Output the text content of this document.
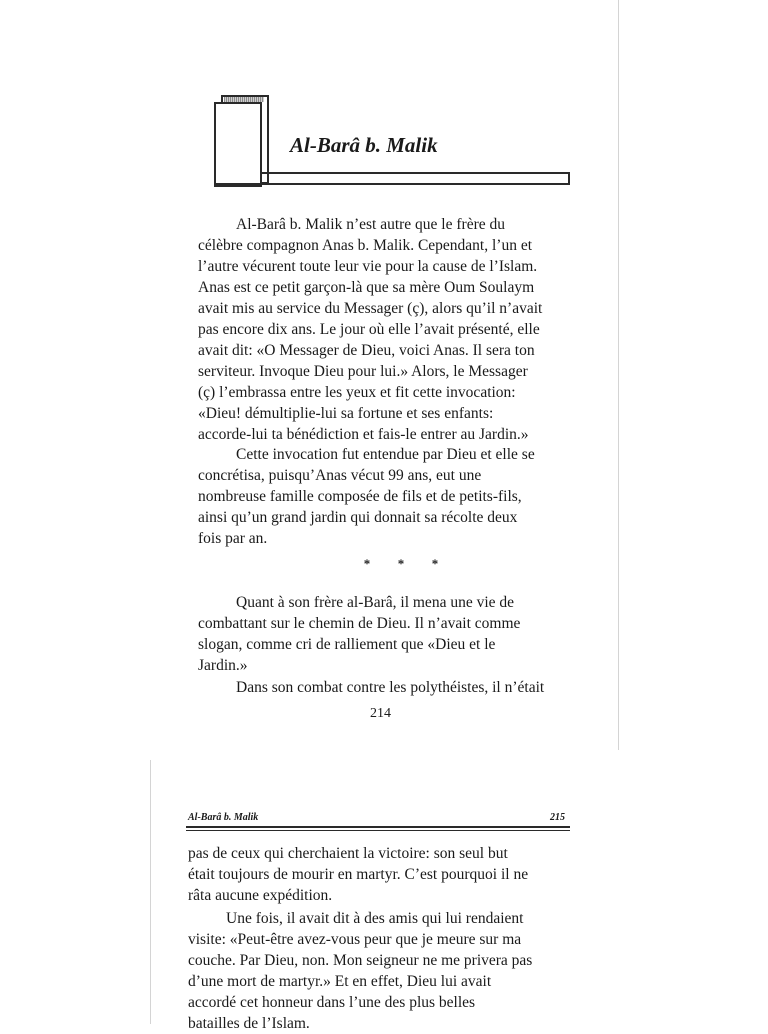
Al-Barâ b. Malik

Al-Barâ b. Malik n’est autre que le frère du

célèbre compagnon Anas b. Malik. Cependant, l’un et

l’autre vécurent toute leur vie pour la cause de l’Islam.

Anas est ce petit garçon-là que sa mère Oum Soulaym

avait mis au service du Messager (ç), alors qu’il n’avait

pas encore dix ans. Le jour où elle l’avait présenté, elle

avait dit: «O Messager de Dieu, voici Anas. Il sera ton

serviteur. Invoque Dieu pour lui.» Alors, le Messager

(ç) l’embrassa entre les yeux et fit cette invocation:

«Dieu! démultiplie-lui sa fortune et ses enfants:

accorde-lui ta bénédiction et fais-le entrer au Jardin.»

Cette invocation fut entendue par Dieu et elle se

concrétisa, puisqu’Anas vécut 99 ans, eut une

nombreuse famille composée de fils et de petits-fils,

ainsi qu’un grand jardin qui donnait sa récolte deux

fois par an.

* * *

Quant à son frère al-Barâ, il mena une vie de

combattant sur le chemin de Dieu. Il n’avait comme

slogan, comme cri de ralliement que «Dieu et le

Jardin.»

Dans son combat contre les polythéistes, il n’était

214
Al-Barâ b. Malik	215

pas de ceux qui cherchaient la victoire: son seul but

était toujours de mourir en martyr. C’est pourquoi il ne

râta aucune expédition.

Une fois, il avait dit à des amis qui lui rendaient

visite: «Peut-être avez-vous peur que je meure sur ma

couche. Par Dieu, non. Mon seigneur ne me privera pas

d’une mort de martyr.» Et en effet, Dieu lui avait

accordé cet honneur dans l’une des plus belles

batailles de l’Islam.
